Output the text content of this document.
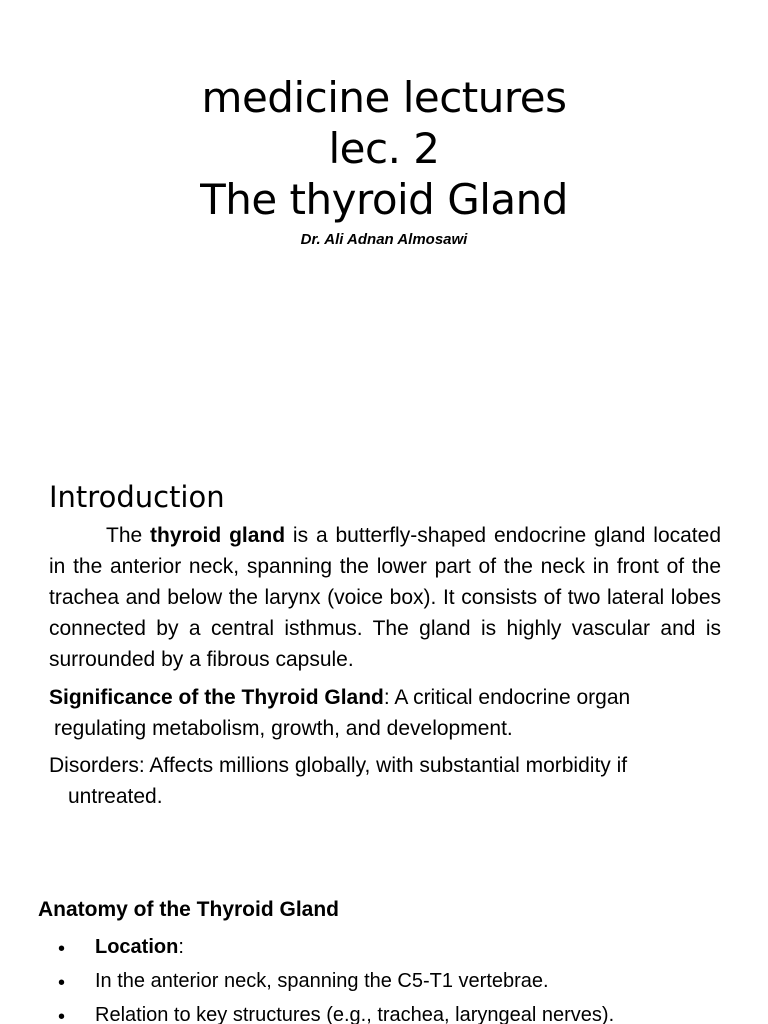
medicine lectures
lec. 2
The thyroid Gland
Dr. Ali Adnan Almosawi
Introduction
The thyroid gland is a butterfly-shaped endocrine gland located in the anterior neck, spanning the lower part of the neck in front of the trachea and below the larynx (voice box). It consists of two lateral lobes connected by a central isthmus. The gland is highly vascular and is surrounded by a fibrous capsule.
Significance of the Thyroid Gland: A critical endocrine organ
regulating metabolism, growth, and development.
Disorders: Affects millions globally, with substantial morbidity if
untreated.
Anatomy of the Thyroid Gland
• Location:
• In the anterior neck, spanning the C5-T1 vertebrae.
• Relation to key structures (e.g., trachea, laryngeal nerves).
